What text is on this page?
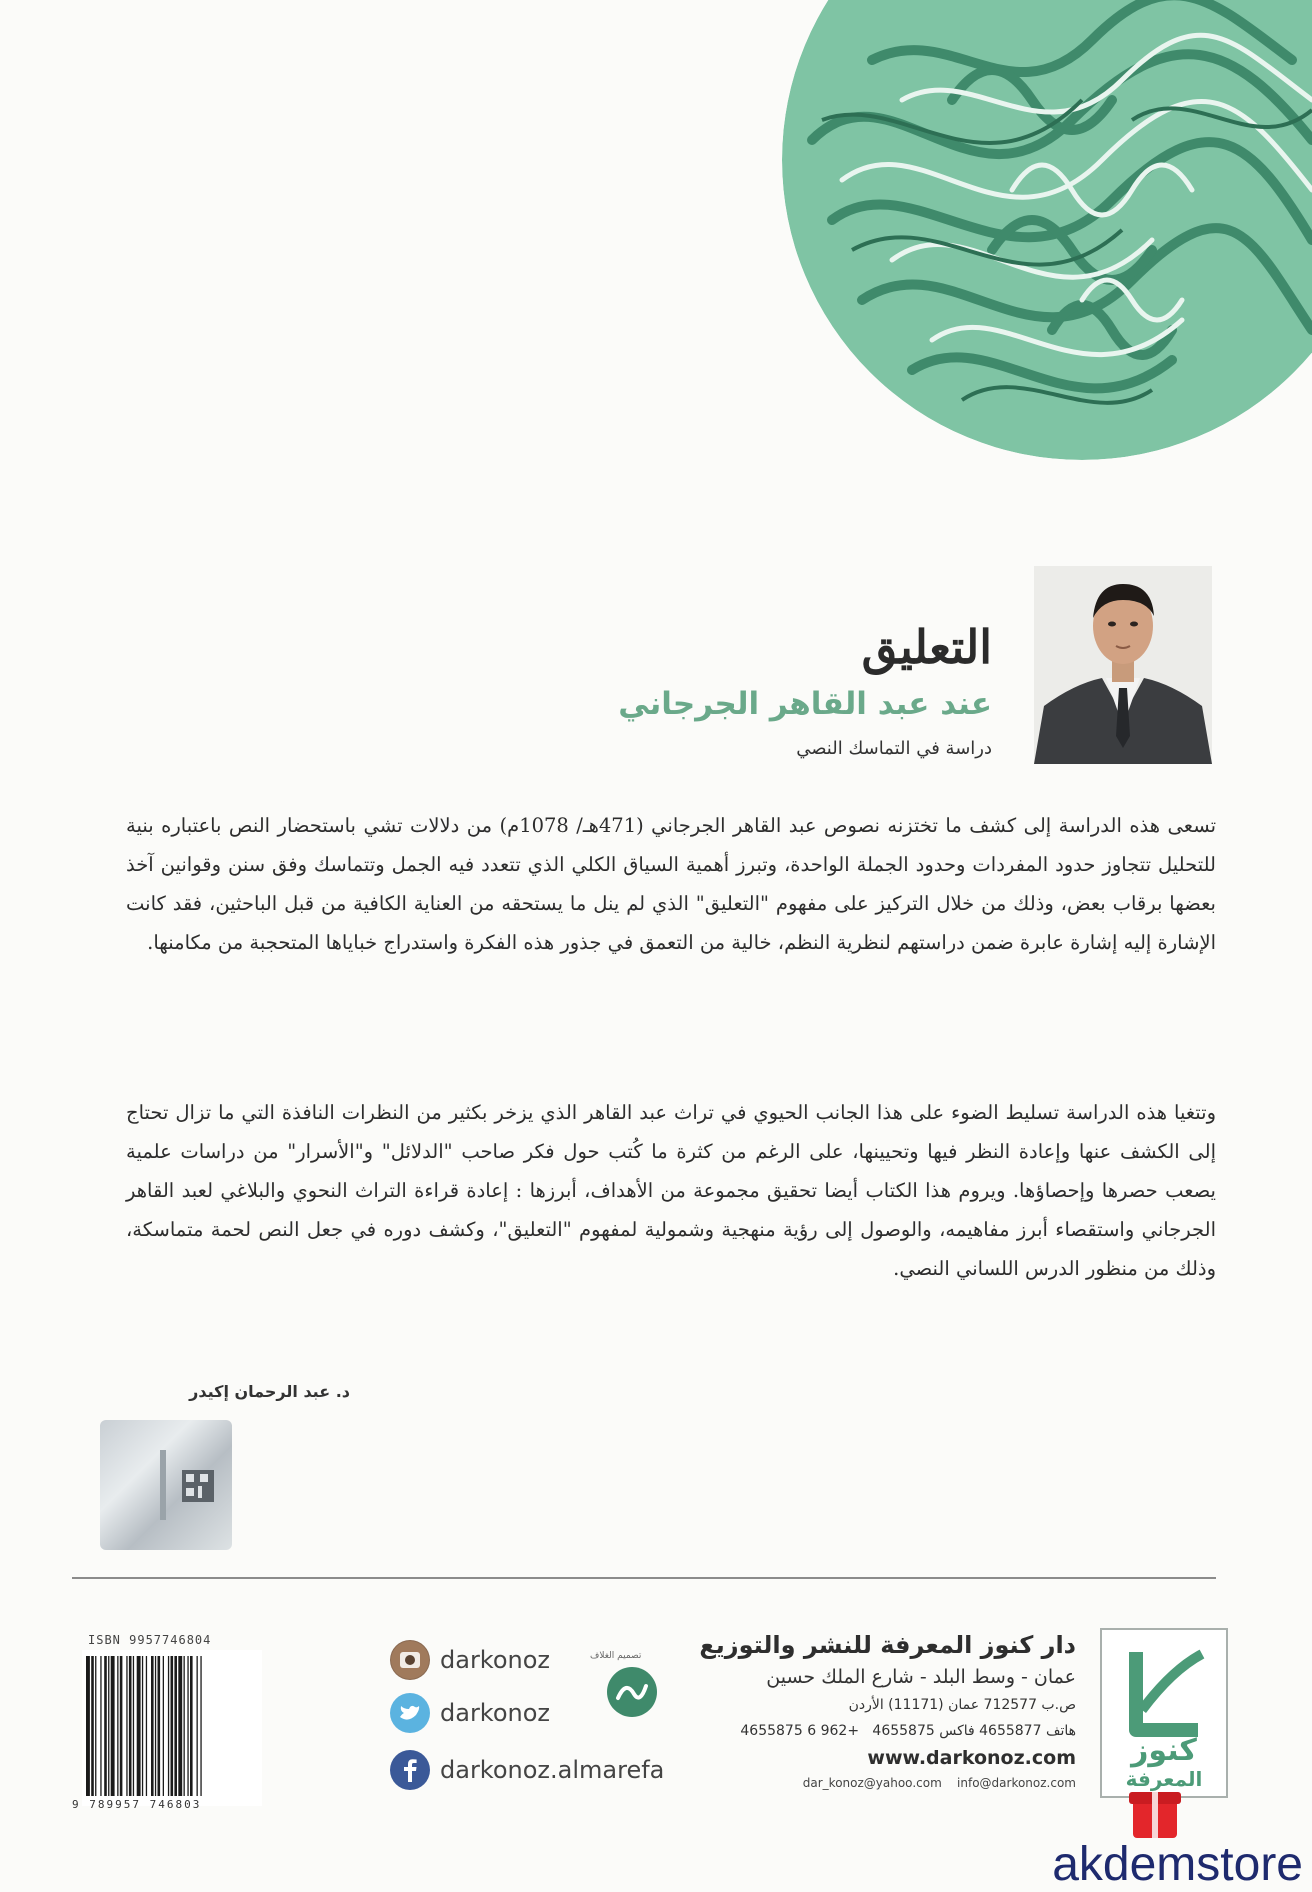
التعليق
عند عبد القاهر الجرجاني
دراسة في التماسك النصي
تسعى هذه الدراسة إلى كشف ما تختزنه نصوص عبد القاهر الجرجاني (471هـ/ 1078م) من دلالات تشي باستحضار النص باعتباره بنية للتحليل تتجاوز حدود المفردات وحدود الجملة الواحدة، وتبرز أهمية السياق الكلي الذي تتعدد فيه الجمل وتتماسك وفق سنن وقوانين آخذ بعضها برقاب بعض، وذلك من خلال التركيز على مفهوم "التعليق" الذي لم ينل ما يستحقه من العناية الكافية من قبل الباحثين، فقد كانت الإشارة إليه إشارة عابرة ضمن دراستهم لنظرية النظم، خالية من التعمق في جذور هذه الفكرة واستدراج خباياها المتحجبة من مكامنها.
وتتغيا هذه الدراسة تسليط الضوء على هذا الجانب الحيوي في تراث عبد القاهر الذي يزخر بكثير من النظرات النافذة التي ما تزال تحتاج إلى الكشف عنها وإعادة النظر فيها وتحيينها، على الرغم من كثرة ما كُتب حول فكر صاحب "الدلائل" و"الأسرار" من دراسات علمية يصعب حصرها وإحصاؤها. ويروم هذا الكتاب أيضا تحقيق مجموعة من الأهداف، أبرزها : إعادة قراءة التراث النحوي والبلاغي لعبد القاهر الجرجاني واستقصاء أبرز مفاهيمه، والوصول إلى رؤية منهجية وشمولية لمفهوم "التعليق"، وكشف دوره في جعل النص لحمة متماسكة، وذلك من منظور الدرس اللساني النصي.
د. عبد الرحمان إكيدر
ISBN 9957746804
9 789957 746803
darkonoz
darkonoz
darkonoz.almarefa
تصميم الغلاف دار كنوز المعرفة للنشر والتوزيع
عمان - وسط البلد - شارع الملك حسين
ص.ب 712577 عمان (11171) الأردن
هاتف 4655877 فاكس 4655875   +962 6 4655875
www.darkonoz.com
dar_konoz@yahoo.com info@darkonoz.com
كنوز
المعرفة
akdemstore
